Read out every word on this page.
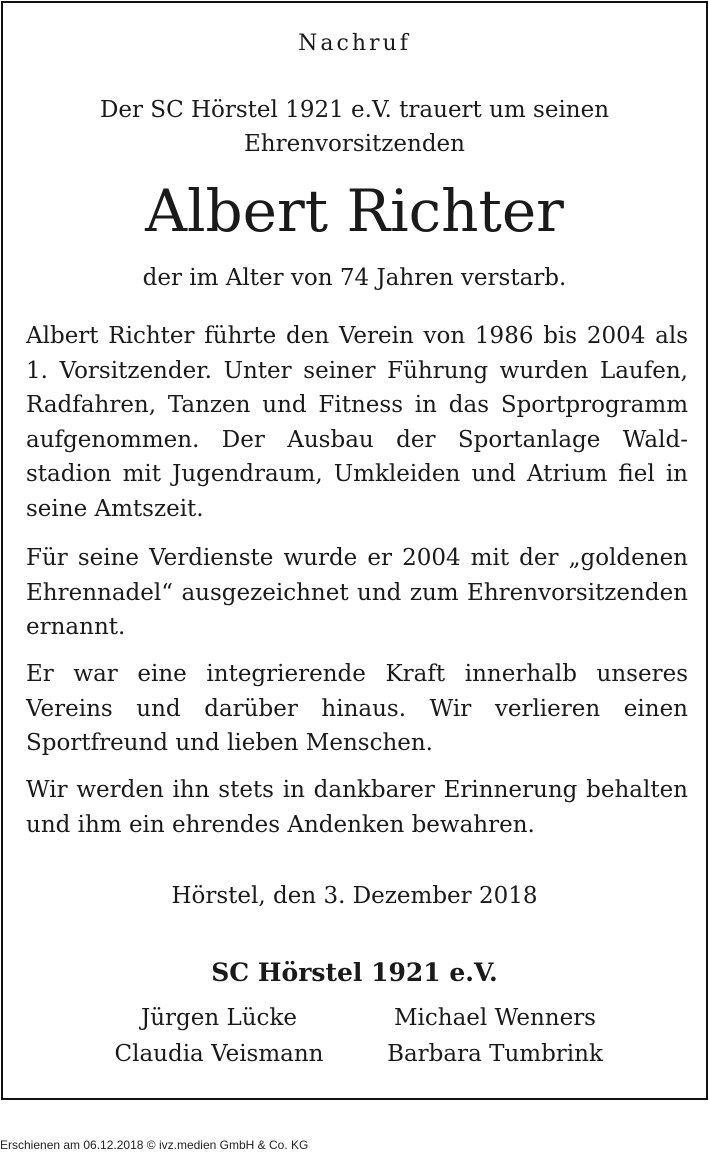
Nachruf
Der SC Hörstel 1921 e.V. trauert um seinen
Ehrenvorsitzenden
Albert Richter
der im Alter von 74 Jahren verstarb.

Albert Richter führte den Verein von 1986 bis 2004 als 1. Vorsitzender. Unter seiner Führung wurden Laufen, Radfahren, Tanzen und Fitness in das Sportprogramm aufgenommen. Der Ausbau der Sportanlage Wald-stadion mit Jugendraum, Umkleiden und Atrium fiel in seine Amtszeit.

Für seine Verdienste wurde er 2004 mit der „goldenen Ehrennadel“ ausgezeichnet und zum Ehrenvorsitzenden ernannt.

Er war eine integrierende Kraft innerhalb unseres Vereins und darüber hinaus. Wir verlieren einen Sportfreund und lieben Menschen.

Wir werden ihn stets in dankbarer Erinnerung behalten und ihm ein ehrendes Andenken bewahren.

Hörstel, den 3. Dezember 2018
SC Hörstel 1921 e.V.
Jürgen Lücke	Michael Wenners
Claudia Veismann	Barbara Tumbrink
Erschienen am 06.12.2018 © ivz.medien GmbH & Co. KG
